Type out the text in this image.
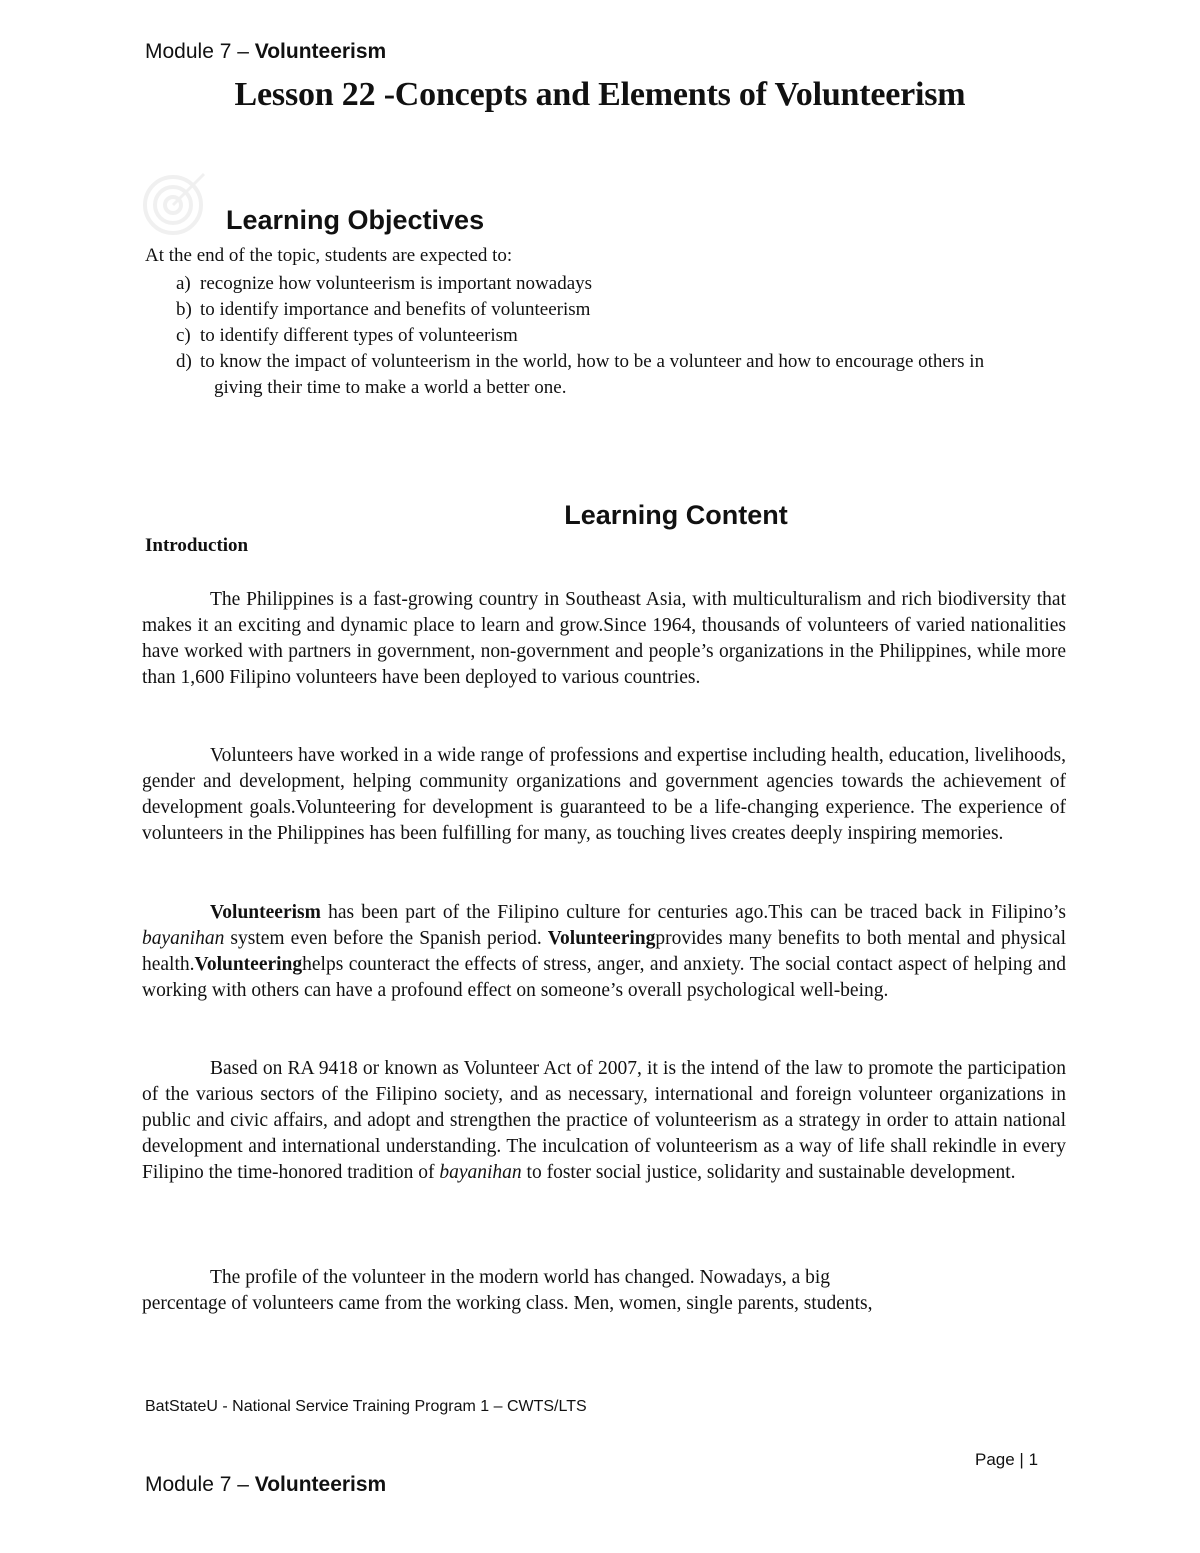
Module 7 – Volunteerism
Lesson 22 -Concepts and Elements of Volunteerism
Learning Objectives
At the end of the topic, students are expected to:
a) recognize how volunteerism is important nowadays
b) to identify importance and benefits of volunteerism
c) to identify different types of volunteerism
d) to know the impact of volunteerism in the world, how to be a volunteer and how to encourage others in giving their time to make a world a better one.
Learning Content
Introduction

The Philippines is a fast-growing country in Southeast Asia, with multiculturalism and rich biodiversity that makes it an exciting and dynamic place to learn and grow.Since 1964, thousands of volunteers of varied nationalities have worked with partners in government, non-government and people’s organizations in the Philippines, while more than 1,600 Filipino volunteers have been deployed to various countries.

Volunteers have worked in a wide range of professions and expertise including health, education, livelihoods, gender and development, helping community organizations and government agencies towards the achievement of development goals.Volunteering for development is guaranteed to be a life-changing experience. The experience of volunteers in the Philippines has been fulfilling for many, as touching lives creates deeply inspiring memories.

Volunteerism has been part of the Filipino culture for centuries ago.This can be traced back in Filipino’s bayanihan system even before the Spanish period. Volunteeringprovides many benefits to both mental and physical health.Volunteeringhelps counteract the effects of stress, anger, and anxiety. The social contact aspect of helping and working with others can have a profound effect on someone’s overall psychological well-being.

Based on RA 9418 or known as Volunteer Act of 2007, it is the intend of the law to promote the participation of the various sectors of the Filipino society, and as necessary, international and foreign volunteer organizations in public and civic affairs, and adopt and strengthen the practice of volunteerism as a strategy in order to attain national development and international understanding. The inculcation of volunteerism as a way of life shall rekindle in every Filipino the time-honored tradition of bayanihan to foster social justice, solidarity and sustainable development.

The profile of the volunteer in the modern world has changed. Nowadays, a big
percentage of volunteers came from the working class. Men, women, single parents, students,

BatStateU - National Service Training Program 1 – CWTS/LTS
Page | 1
Module 7 – Volunteerism
